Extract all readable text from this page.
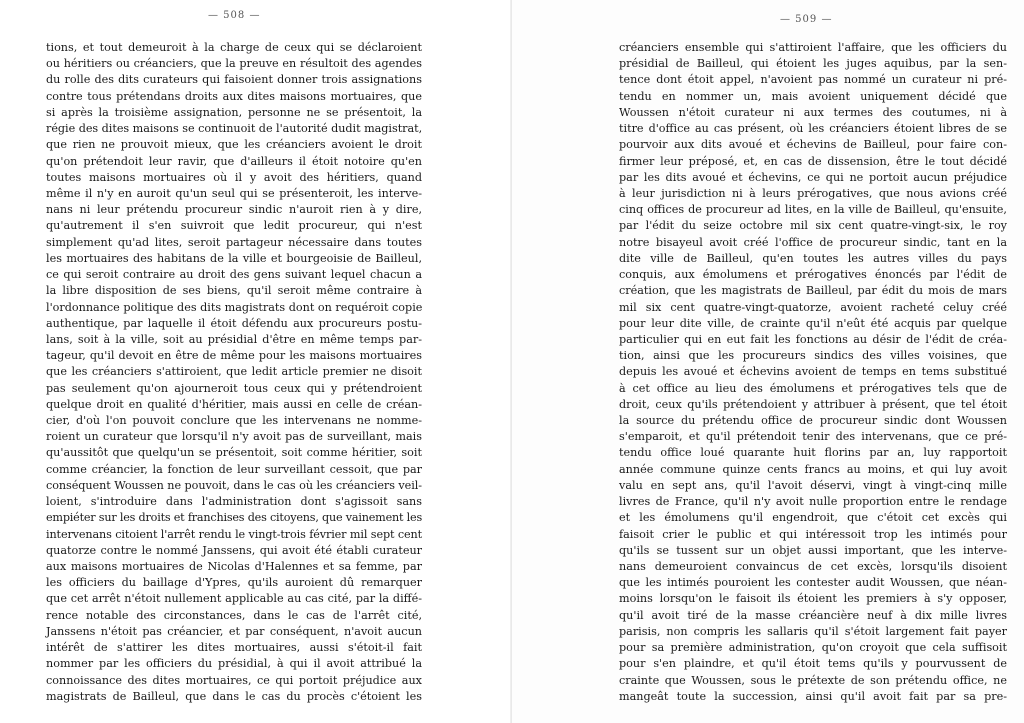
— 508 —
tions, et tout demeuroit à la charge de ceux qui se déclaroient
ou héritiers ou créanciers, que la preuve en résultoit des agendes
du rolle des dits curateurs qui faisoient donner trois assignations
contre tous prétendans droits aux dites maisons mortuaires, que
si après la troisième assignation, personne ne se présentoit, la
régie des dites maisons se continuoit de l'autorité dudit magistrat,
que rien ne prouvoit mieux, que les créanciers avoient le droit
qu'on prétendoit leur ravir, que d'ailleurs il étoit notoire qu'en
toutes maisons mortuaires où il y avoit des héritiers, quand
même il n'y en auroit qu'un seul qui se présenteroit, les interve-
nans ni leur prétendu procureur sindic n'auroit rien à y dire,
qu'autrement il s'en suivroit que ledit procureur, qui n'est
simplement qu'ad lites, seroit partageur nécessaire dans toutes
les mortuaires des habitans de la ville et bourgeoisie de Bailleul,
ce qui seroit contraire au droit des gens suivant lequel chacun a
la libre disposition de ses biens, qu'il seroit même contraire à
l'ordonnance politique des dits magistrats dont on requéroit copie
authentique, par laquelle il étoit défendu aux procureurs postu-
lans, soit à la ville, soit au présidial d'être en même temps par-
tageur, qu'il devoit en être de même pour les maisons mortuaires
que les créanciers s'attiroient, que ledit article premier ne disoit
pas seulement qu'on ajourneroit tous ceux qui y prétendroient
quelque droit en qualité d'héritier, mais aussi en celle de créan-
cier, d'où l'on pouvoit conclure que les intervenans ne nomme-
roient un curateur que lorsqu'il n'y avoit pas de surveillant, mais
qu'aussitôt que quelqu'un se présentoit, soit comme héritier, soit
comme créancier, la fonction de leur surveillant cessoit, que par
conséquent Woussen ne pouvoit, dans le cas où les créanciers veil-
loient, s'introduire dans l'administration dont s'agissoit sans
empiéter sur les droits et franchises des citoyens, que vainement les
intervenans citoient l'arrêt rendu le vingt-trois février mil sept cent
quatorze contre le nommé Janssens, qui avoit été établi curateur
aux maisons mortuaires de Nicolas d'Halennes et sa femme, par
les officiers du baillage d'Ypres, qu'ils auroient dû remarquer
que cet arrêt n'étoit nullement applicable au cas cité, par la diffé-
rence notable des circonstances, dans le cas de l'arrêt cité,
Janssens n'étoit pas créancier, et par conséquent, n'avoit aucun
intérêt de s'attirer les dites mortuaires, aussi s'étoit-il fait
nommer par les officiers du présidial, à qui il avoit attribué la
connoissance des dites mortuaires, ce qui portoit préjudice aux
magistrats de Bailleul, que dans le cas du procès c'étoient les
— 509 —
créanciers ensemble qui s'attiroient l'affaire, que les officiers du
présidial de Bailleul, qui étoient les juges aquibus, par la sen-
tence dont étoit appel, n'avoient pas nommé un curateur ni pré-
tendu en nommer un, mais avoient uniquement décidé que
Woussen n'étoit curateur ni aux termes des coutumes, ni à
titre d'office au cas présent, où les créanciers étoient libres de se
pourvoir aux dits avoué et échevins de Bailleul, pour faire con-
firmer leur préposé, et, en cas de dissension, être le tout décidé
par les dits avoué et échevins, ce qui ne portoit aucun préjudice
à leur jurisdiction ni à leurs prérogatives, que nous avions créé
cinq offices de procureur ad lites, en la ville de Bailleul, qu'ensuite,
par l'édit du seize octobre mil six cent quatre-vingt-six, le roy
notre bisayeul avoit créé l'office de procureur sindic, tant en la
dite ville de Bailleul, qu'en toutes les autres villes du pays
conquis, aux émolumens et prérogatives énoncés par l'édit de
création, que les magistrats de Bailleul, par édit du mois de mars
mil six cent quatre-vingt-quatorze, avoient racheté celuy créé
pour leur dite ville, de crainte qu'il n'eût été acquis par quelque
particulier qui en eut fait les fonctions au désir de l'édit de créa-
tion, ainsi que les procureurs sindics des villes voisines, que
depuis les avoué et échevins avoient de temps en tems substitué
à cet office au lieu des émolumens et prérogatives tels que de
droit, ceux qu'ils prétendoient y attribuer à présent, que tel étoit
la source du prétendu office de procureur sindic dont Woussen
s'emparoit, et qu'il prétendoit tenir des intervenans, que ce pré-
tendu office loué quarante huit florins par an, luy rapportoit
année commune quinze cents francs au moins, et qui luy avoit
valu en sept ans, qu'il l'avoit déservi, vingt à vingt-cinq mille
livres de France, qu'il n'y avoit nulle proportion entre le rendage
et les émolumens qu'il engendroit, que c'étoit cet excès qui
faisoit crier le public et qui intéressoit trop les intimés pour
qu'ils se tussent sur un objet aussi important, que les interve-
nans demeuroient convaincus de cet excès, lorsqu'ils disoient
que les intimés pouroient les contester audit Woussen, que néan-
moins lorsqu'on le faisoit ils étoient les premiers à s'y opposer,
qu'il avoit tiré de la masse créancière neuf à dix mille livres
parisis, non compris les sallaris qu'il s'étoit largement fait payer
pour sa première administration, qu'on croyoit que cela suffisoit
pour s'en plaindre, et qu'il étoit tems qu'ils y pourvussent de
crainte que Woussen, sous le prétexte de son prétendu office, ne
mangeât toute la succession, ainsi qu'il avoit fait par sa pre-
